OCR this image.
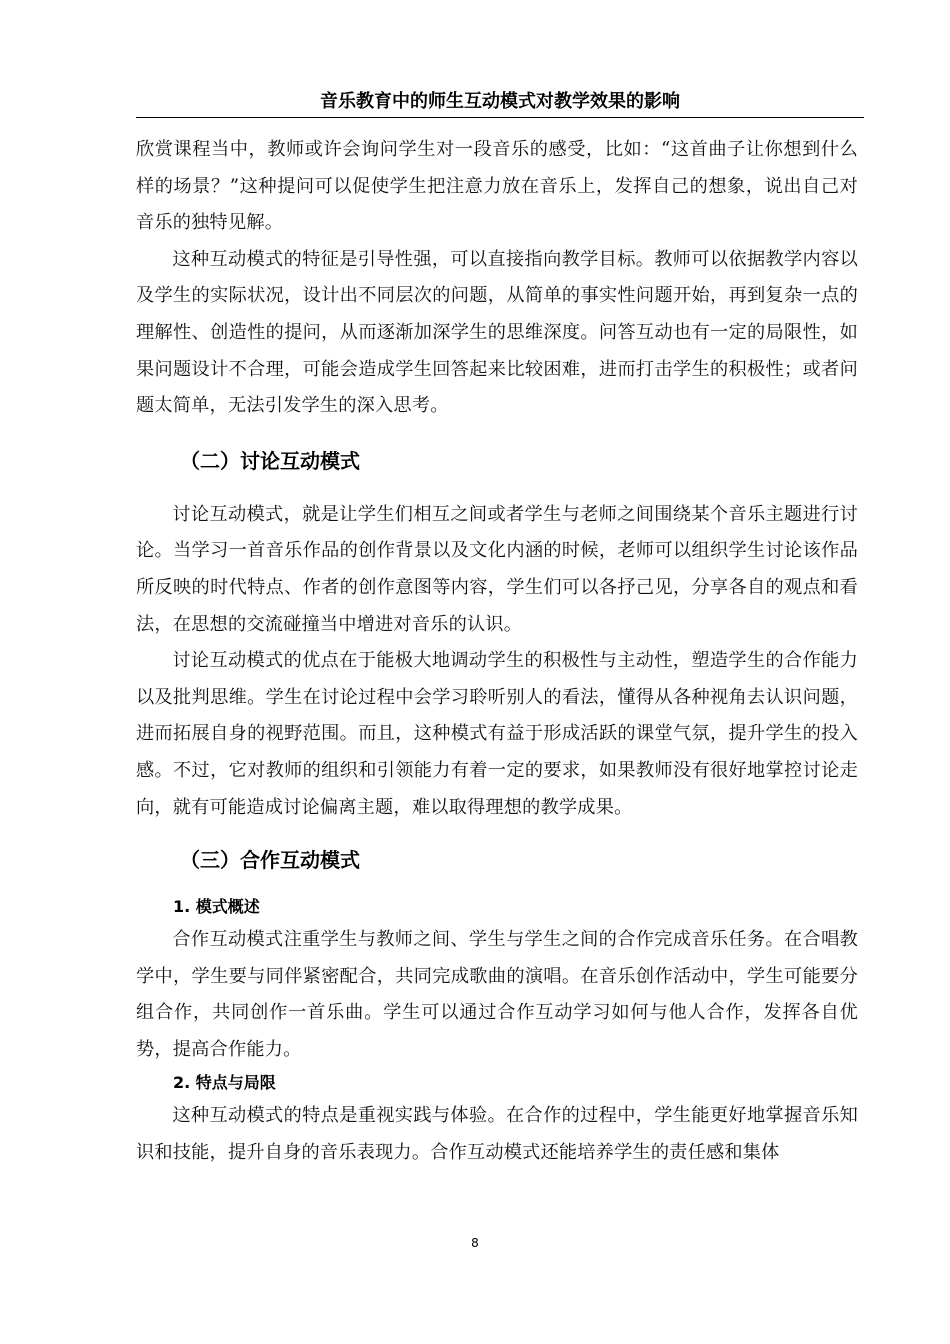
音乐教育中的师生互动模式对教学效果的影响

欣赏课程当中，教师或许会询问学生对一段音乐的感受，比如：“这首曲子让你想到什么样的场景？”这种提问可以促使学生把注意力放在音乐上，发挥自己的想象，说出自己对音乐的独特见解。

这种互动模式的特征是引导性强，可以直接指向教学目标。教师可以依据教学内容以及学生的实际状况，设计出不同层次的问题，从简单的事实性问题开始，再到复杂一点的理解性、创造性的提问，从而逐渐加深学生的思维深度。问答互动也有一定的局限性，如果问题设计不合理，可能会造成学生回答起来比较困难，进而打击学生的积极性；或者问题太简单，无法引发学生的深入思考。

（二）讨论互动模式

讨论互动模式，就是让学生们相互之间或者学生与老师之间围绕某个音乐主题进行讨论。当学习一首音乐作品的创作背景以及文化内涵的时候，老师可以组织学生讨论该作品所反映的时代特点、作者的创作意图等内容，学生们可以各抒己见，分享各自的观点和看法，在思想的交流碰撞当中增进对音乐的认识。

讨论互动模式的优点在于能极大地调动学生的积极性与主动性，塑造学生的合作能力以及批判思维。学生在讨论过程中会学习聆听别人的看法，懂得从各种视角去认识问题，进而拓展自身的视野范围。而且，这种模式有益于形成活跃的课堂气氛，提升学生的投入感。不过，它对教师的组织和引领能力有着一定的要求，如果教师没有很好地掌控讨论走向，就有可能造成讨论偏离主题，难以取得理想的教学成果。

（三）合作互动模式
1. 模式概述

合作互动模式注重学生与教师之间、学生与学生之间的合作完成音乐任务。在合唱教学中，学生要与同伴紧密配合，共同完成歌曲的演唱。在音乐创作活动中，学生可能要分组合作，共同创作一首乐曲。学生可以通过合作互动学习如何与他人合作，发挥各自优势，提高合作能力。

2. 特点与局限

这种互动模式的特点是重视实践与体验。在合作的过程中，学生能更好地掌握音乐知识和技能，提升自身的音乐表现力。合作互动模式还能培养学生的责任感和集体

8
